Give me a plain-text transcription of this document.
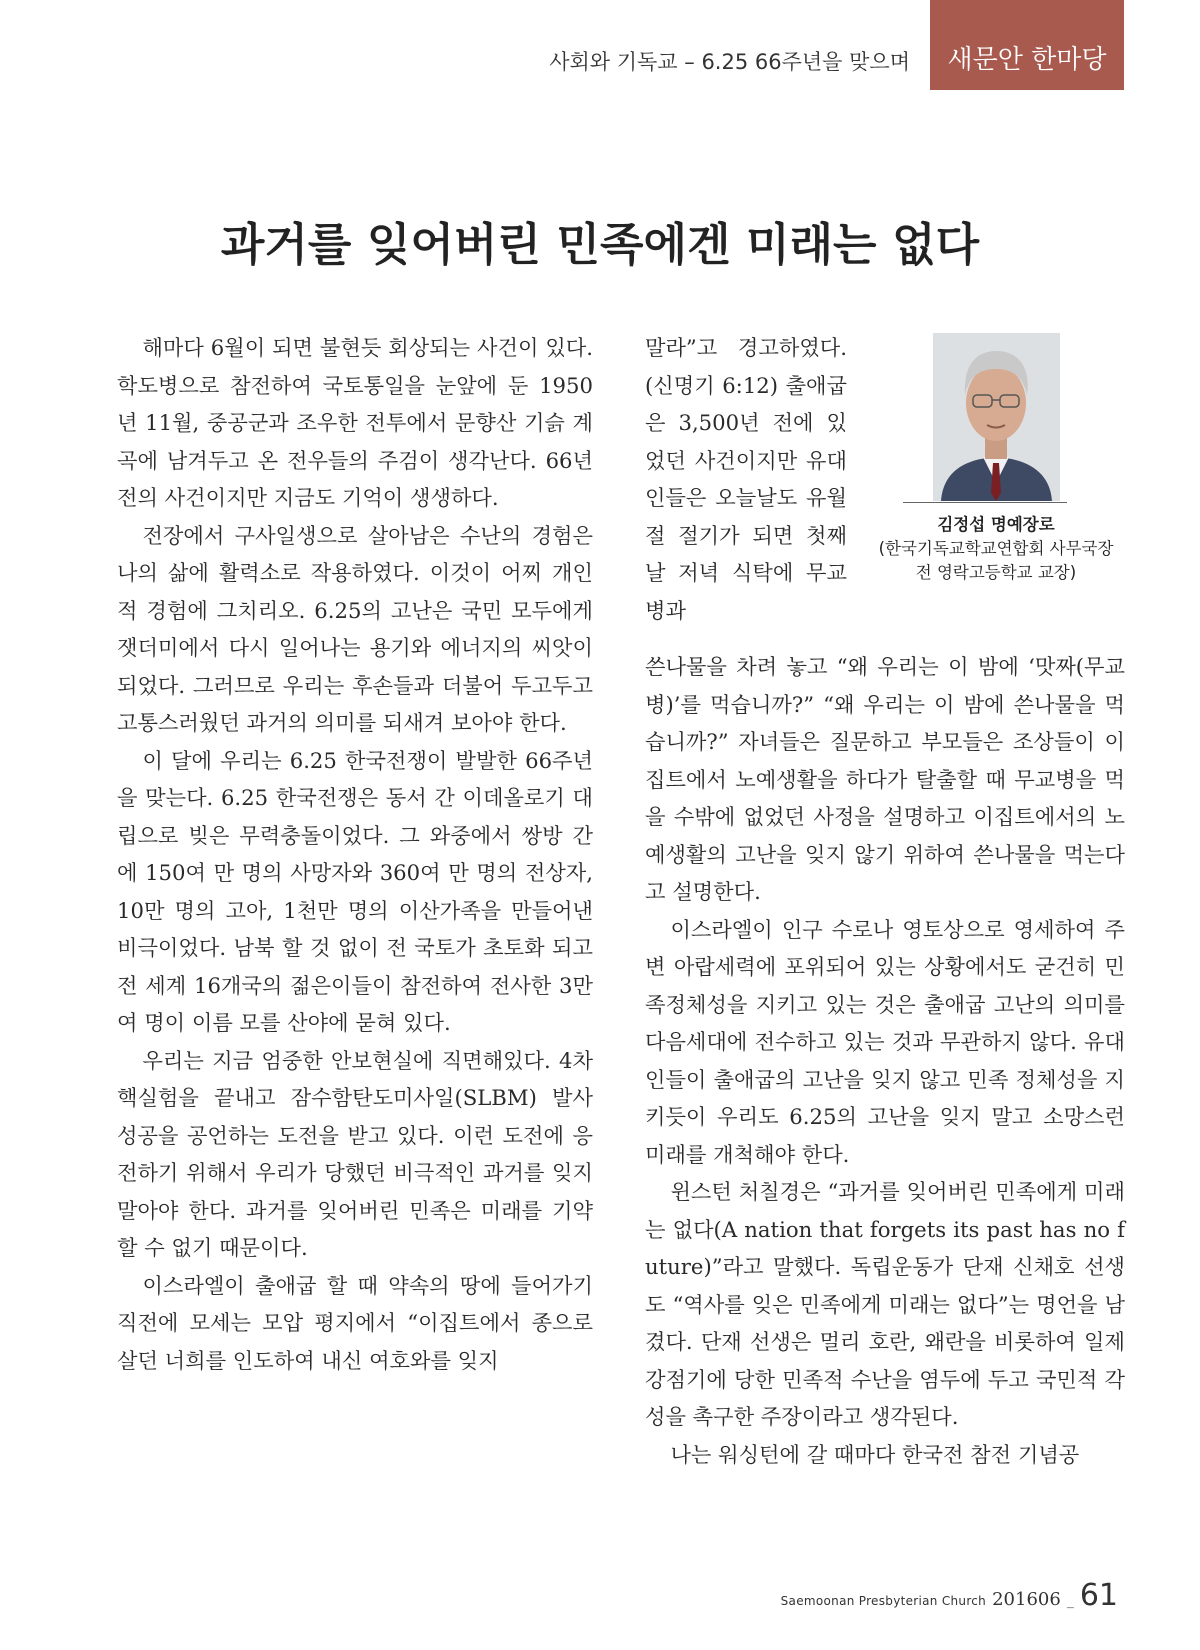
사회와 기독교 – 6.25 66주년을 맞으며	새문안 한마당
과거를 잊어버린 민족에겐 미래는 없다

해마다 6월이 되면 불현듯 회상되는 사건이 있다. 학도병으로 참전하여 국토통일을 눈앞에 둔 1950년 11월, 중공군과 조우한 전투에서 문향산 기슭 계곡에 남겨두고 온 전우들의 주검이 생각난다. 66년 전의 사건이지만 지금도 기억이 생생하다.

전장에서 구사일생으로 살아남은 수난의 경험은 나의 삶에 활력소로 작용하였다. 이것이 어찌 개인적 경험에 그치리오. 6.25의 고난은 국민 모두에게 잿더미에서 다시 일어나는 용기와 에너지의 씨앗이 되었다. 그러므로 우리는 후손들과 더불어 두고두고 고통스러웠던 과거의 의미를 되새겨 보아야 한다.

이 달에 우리는 6.25 한국전쟁이 발발한 66주년을 맞는다. 6.25 한국전쟁은 동서 간 이데올로기 대립으로 빚은 무력충돌이었다. 그 와중에서 쌍방 간에 150여 만 명의 사망자와 360여 만 명의 전상자, 10만 명의 고아, 1천만 명의 이산가족을 만들어낸 비극이었다. 남북 할 것 없이 전 국토가 초토화 되고 전 세계 16개국의 젊은이들이 참전하여 전사한 3만여 명이 이름 모를 산야에 묻혀 있다.

우리는 지금 엄중한 안보현실에 직면해있다. 4차 핵실험을 끝내고 잠수함탄도미사일(SLBM) 발사 성공을 공언하는 도전을 받고 있다. 이런 도전에 응전하기 위해서 우리가 당했던 비극적인 과거를 잊지 말아야 한다. 과거를 잊어버린 민족은 미래를 기약할 수 없기 때문이다.

이스라엘이 출애굽 할 때 약속의 땅에 들어가기 직전에 모세는 모압 평지에서 “이집트에서 종으로 살던 너희를 인도하여 내신 여호와를 잊지

말라”고 경고하였다.(신명기 6:12) 출애굽은 3,500년 전에 있었던 사건이지만 유대인들은 오늘날도 유월절 절기가 되면 첫째 날 저녁 식탁에 무교병과

김정섭 명예장로
(한국기독교학교연합회 사무국장
전 영락고등학교 교장)

쓴나물을 차려 놓고 “왜 우리는 이 밤에 ‘맛짜(무교병)’를 먹습니까?” “왜 우리는 이 밤에 쓴나물을 먹습니까?” 자녀들은 질문하고 부모들은 조상들이 이집트에서 노예생활을 하다가 탈출할 때 무교병을 먹을 수밖에 없었던 사정을 설명하고 이집트에서의 노예생활의 고난을 잊지 않기 위하여 쓴나물을 먹는다고 설명한다.

이스라엘이 인구 수로나 영토상으로 영세하여 주변 아랍세력에 포위되어 있는 상황에서도 굳건히 민족정체성을 지키고 있는 것은 출애굽 고난의 의미를 다음세대에 전수하고 있는 것과 무관하지 않다. 유대인들이 출애굽의 고난을 잊지 않고 민족 정체성을 지키듯이 우리도 6.25의 고난을 잊지 말고 소망스런 미래를 개척해야 한다.

윈스턴 처칠경은 “과거를 잊어버린 민족에게 미래는 없다(A nation that forgets its past has no future)”라고 말했다. 독립운동가 단재 신채호 선생도 “역사를 잊은 민족에게 미래는 없다”는 명언을 남겼다. 단재 선생은 멀리 호란, 왜란을 비롯하여 일제강점기에 당한 민족적 수난을 염두에 두고 국민적 각성을 촉구한 주장이라고 생각된다.

나는 워싱턴에 갈 때마다 한국전 참전 기념공

Saemoonan Presbyterian Church 201606 _ 61
